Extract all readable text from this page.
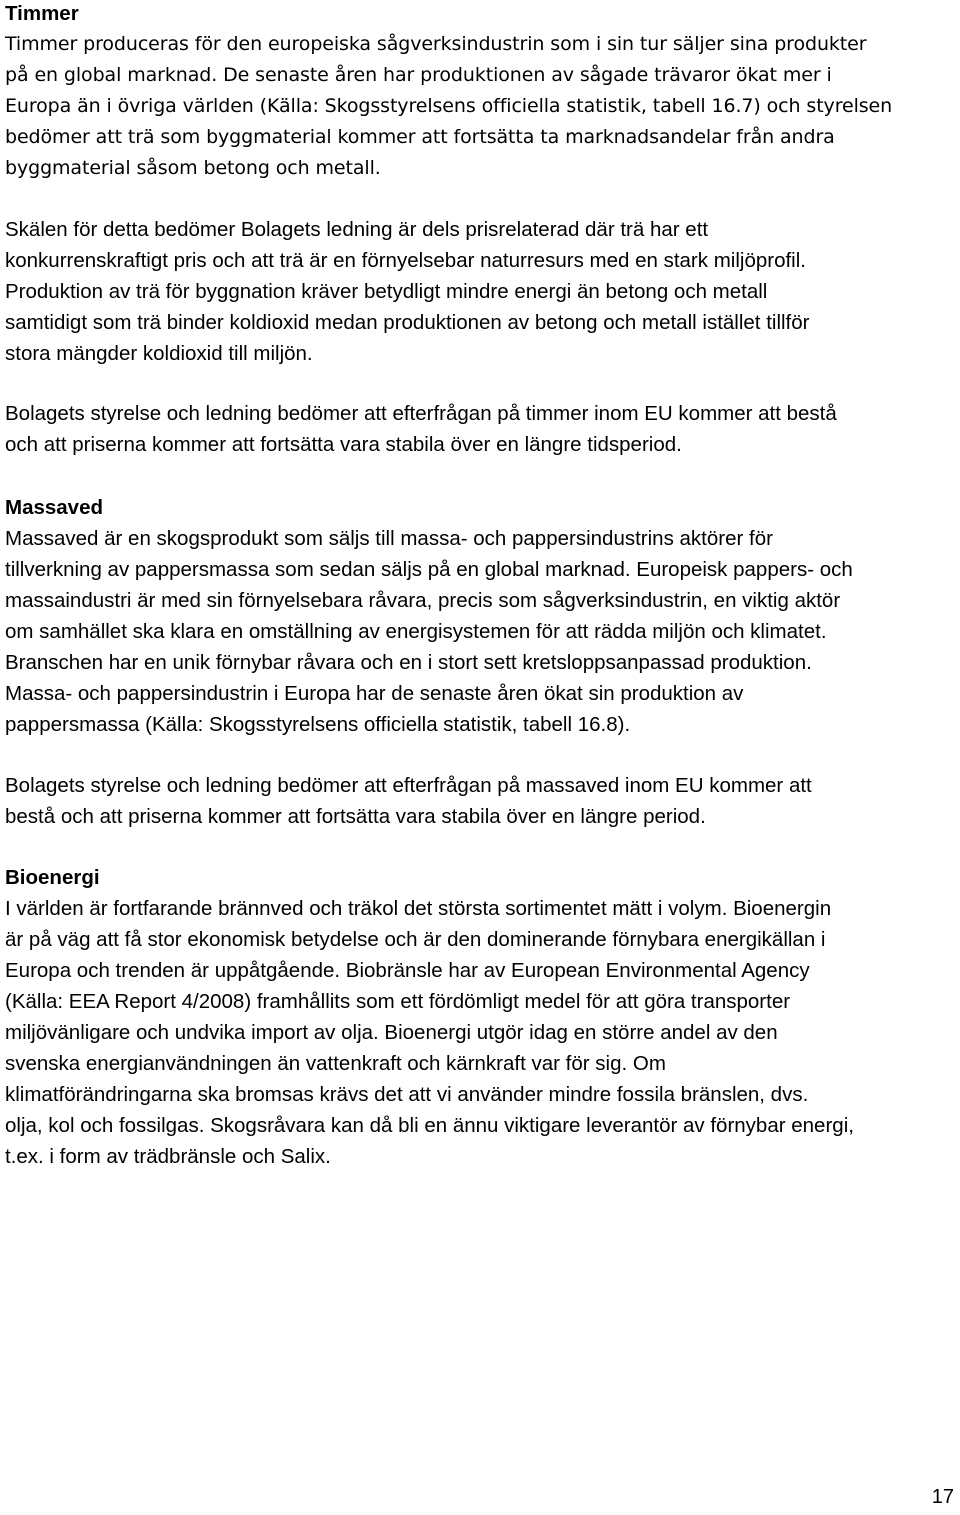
Timmer
Timmer produceras för den europeiska sågverksindustrin som i sin tur säljer sina produkter
på en global marknad. De senaste åren har produktionen av sågade trävaror ökat mer i
Europa än i övriga världen (Källa: Skogsstyrelsens officiella statistik, tabell 16.7) och styrelsen
bedömer att trä som byggmaterial kommer att fortsätta ta marknadsandelar från andra
byggmaterial såsom betong och metall.
Skälen för detta bedömer Bolagets ledning är dels prisrelaterad där trä har ett
konkurrenskraftigt pris och att trä är en förnyelsebar naturresurs med en stark miljöprofil.
Produktion av trä för byggnation kräver betydligt mindre energi än betong och metall
samtidigt som trä binder koldioxid medan produktionen av betong och metall istället tillför
stora mängder koldioxid till miljön.
Bolagets styrelse och ledning bedömer att efterfrågan på timmer inom EU kommer att bestå
och att priserna kommer att fortsätta vara stabila över en längre tidsperiod.
Massaved
Massaved är en skogsprodukt som säljs till massa- och pappersindustrins aktörer för
tillverkning av pappersmassa som sedan säljs på en global marknad. Europeisk pappers- och
massaindustri är med sin förnyelsebara råvara, precis som sågverksindustrin, en viktig aktör
om samhället ska klara en omställning av energisystemen för att rädda miljön och klimatet.
Branschen har en unik förnybar råvara och en i stort sett kretsloppsanpassad produktion.
Massa- och pappersindustrin i Europa har de senaste åren ökat sin produktion av
pappersmassa (Källa: Skogsstyrelsens officiella statistik, tabell 16.8).
Bolagets styrelse och ledning bedömer att efterfrågan på massaved inom EU kommer att
bestå och att priserna kommer att fortsätta vara stabila över en längre period.
Bioenergi
I världen är fortfarande brännved och träkol det största sortimentet mätt i volym. Bioenergin
är på väg att få stor ekonomisk betydelse och är den dominerande förnybara energikällan i
Europa och trenden är uppåtgående. Biobränsle har av European Environmental Agency
(Källa: EEA Report 4/2008) framhållits som ett fördömligt medel för att göra transporter
miljövänligare och undvika import av olja. Bioenergi utgör idag en större andel av den
svenska energianvändningen än vattenkraft och kärnkraft var för sig. Om
klimatförändringarna ska bromsas krävs det att vi använder mindre fossila bränslen, dvs.
olja, kol och fossilgas. Skogsråvara kan då bli en ännu viktigare leverantör av förnybar energi,
t.ex. i form av trädbränsle och Salix.
17
